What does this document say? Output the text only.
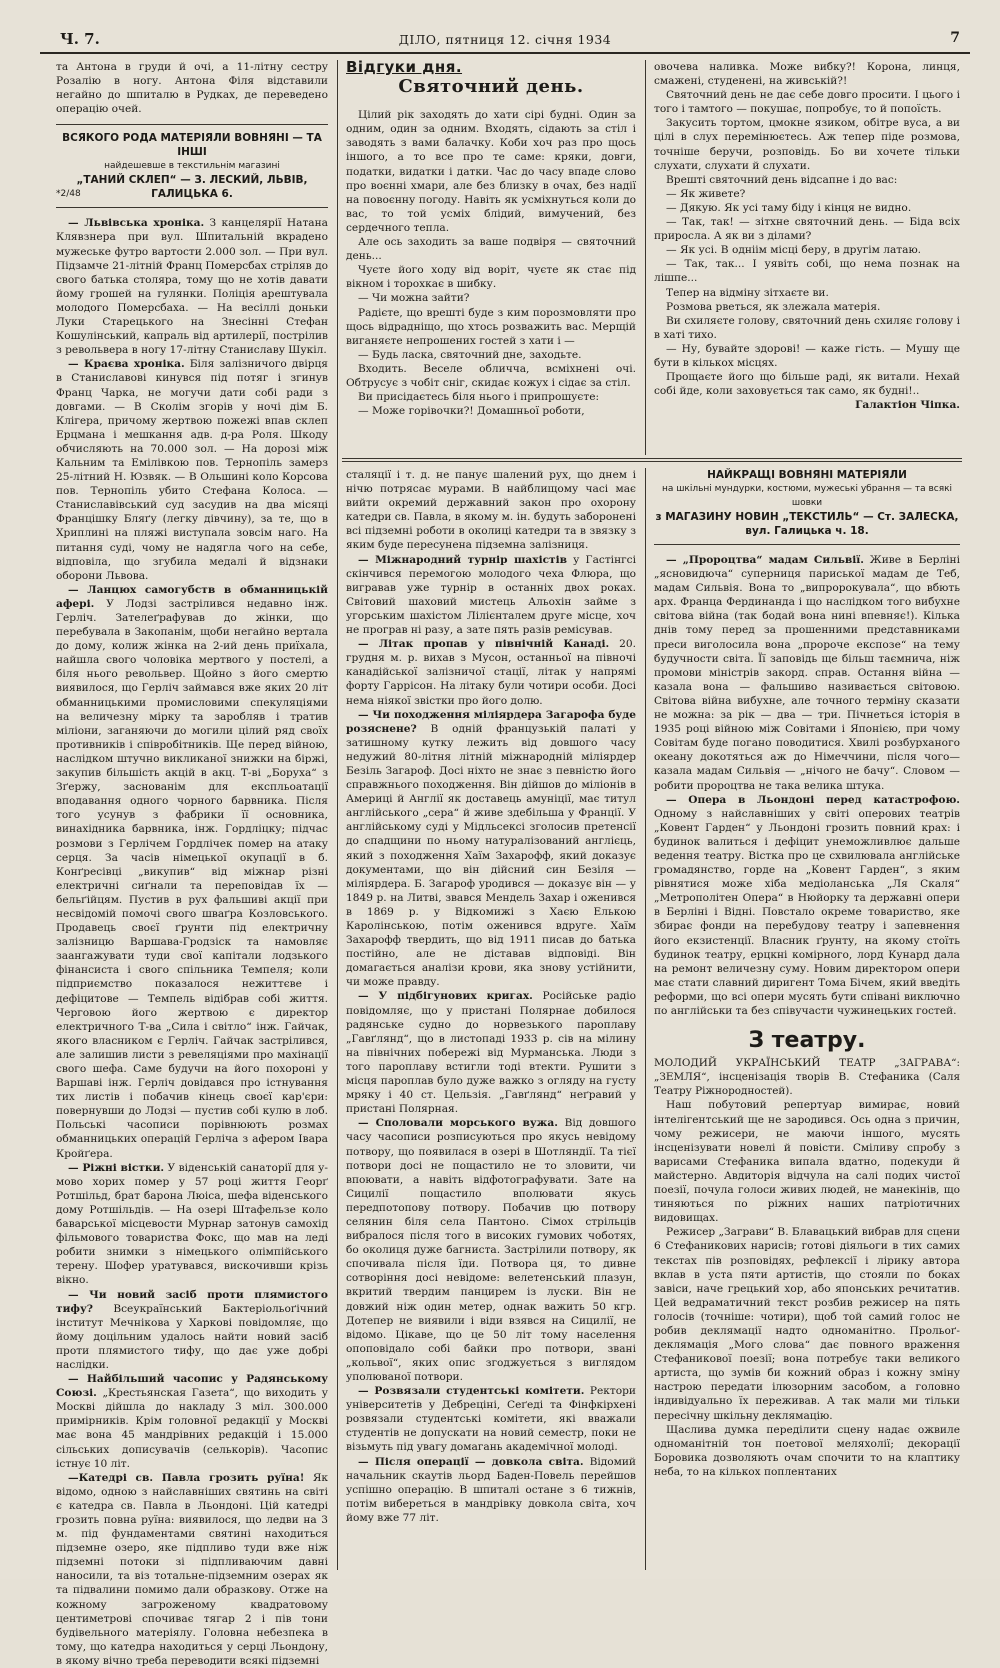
Ч. 7.	ДІЛО, пятниця 12. січня 1934	7

та Антона в груди й очі, а 11-літну сестру Розалію в ногу. Антона Філя відставили негайно до шпиталю в Рудках, де переведено операцію очей.

ВСЯКОГО РОДА МАТЕРІЯЛИ ВОВНЯНІ — ТА ІНШІ
найдешевше в текстильнім магазині
„ТАНИЙ СКЛЕП“ — З. ЛЕСКИЙ, ЛЬВІВ,
*2/48	ГАЛИЦЬКА 6.

— Львівська хроніка. З канцелярії Натана Клявзнера при вул. Шпитальній вкрадено мужеське футро вартости 2.000 зол. — При вул. Підзамче 21-літній Франц Померсбах стріляв до свого батька столяра, тому що не хотів давати йому грошей на гулянки. Поліція арештувала молодого Померсбаха. — На весіллі доньки Луки Старецького на Знесінні Стефан Кошулінський, капраль від артилерії, пострілив з револьвера в ногу 17-літну Станиславу Шукіл.

— Краєва хроніка. Біля залізничого двірця в Станиславові кинувся під потяг і згинув Франц Чарка, не могучи дати собі ради з довгами. — В Сколім згорів у ночі дім Б. Клігера, причому жертвою пожежі впав склеп Ерцмана і мешкання адв. д-ра Роля. Шкоду обчисляють на 70.000 зол. — На дорозі між Кальним та Емілівкою пов. Тернопіль замерз 25-літний Н. Юзвяк. — В Ольшині коло Корсова пов. Тернопіль убито Стефана Колоса. — Станиславівський суд засудив на два місяці Францішку Бляґу (легку дівчину), за те, що в Хриплині на пляжі виступала зовсім наго. На питання суді, чому не надягла чого на себе, відповіла, що згубила медалі й відзнаки оборони Львова.

— Ланцюх самогубств в обманницькій афері. У Лодзі застрілився недавно інж. Герліч. Зателеґрафував до жінки, що перебувала в Закопанім, щоби негайно вертала до дому, колиж жінка на 2-ий день приїхала, найшла свого чоловіка мертвого у постелі, а біля нього револьвер. Щойно з його смертю виявилося, що Герліч займався вже яких 20 літ обманницькими промисловими спекуляціями на величезну мірку та заробляв і тратив міліони, заганяючи до могили цілий ряд своїх противників і співробітників. Ще перед війною, наслідком штучно викликаної знижки на біржі, закупив більшість акцій в акц. Т-ві „Боруха“ з Зґержу, заснованім для експльоатації вподавання одного чорного барвника. Після того усунув з фабрики її основника, винахідника барвника, інж. Гордліцку; підчас розмови з Герлічем Гордлічек помер на атаку серця. За часів німецької окупації в б. Конґресівці „викупив“ від міжнар різні електричні сиґнали та переповідав їх — бельґійцям. Пустив в рух фальшиві акції при несвідомій помочі свого шваґра Козловського. Продавець своєї ґрунти під електричну залізницю Варшава-Гродзіск та намовляє заангажувати туди свої капітали лодзького фінансиста і свого спільника Темпеля; коли підприємство показалося нежиттєве і дефіцитове — Темпель відібрав собі життя. Черговою його жертвою є директор електричного Т-ва „Сила і світло“ інж. Гайчак, якого власником є Герліч. Гайчак застрілився, але залишив листи з ревеляціями про махінації свого шефа. Саме будучи на його похороні у Варшаві інж. Герліч довідався про істнування тих листів і побачив кінець своєї кар'єри: повернувши до Лодзі — пустив собі кулю в лоб. Польські часописи порівнюють розмах обманницьких операцій Герліча з афером Івара Кройґера.

— Ріжні вістки. У віденській санаторії для у-мово хорих помер у 57 році життя Георґ Ротшільд, брат барона Люіса, шефа віденського дому Ротшільдів. — На озері Штафельзе коло баварської місцевости Мурнар затонув самохід фільмового товариства Фокс, що мав на леді робити знимки з німецького олімпійського терену. Шофер уратувався, вискочивши крізь вікно.

— Чи новий засіб проти плямистого тифу? Всеукраїнський Бактеріольоґічний інститут Мечнікова у Харкові повідомляє, що йому доцільним удалось найти новий засіб проти плямистого тифу, що дає уже добрі наслідки.

— Найбільший часопис у Радянському Союзі. „Крестьянская Газета“, що виходить у Москві дійшла до накладу 3 міл. 300.000 примірників. Крім головної редакції у Москві має вона 45 мандрівних редакцій і 15.000 сільських дописувачів (селькорів). Часопис істнує 10 літ.

—Катедрі св. Павла грозить руїна! Як відомо, одною з найславніших святинь на світі є катедра св. Павла в Льондоні. Цій катедрі грозить повна руїна: виявилося, що ледви на 3 м. під фундаментами святині находиться підземне озеро, яке підпливо туди вже ніж підземні потоки зі підпливаючим давні наносили, та віз тотальне-підземним озерах як та підвалини помимо дали образкову. Отже на кожному загроженому квадратовому центиметрові спочиває тягар 2 і пів тони будівельного матеріялу. Головна небезпека в тому, що катедра находиться у серці Льондону, в якому вічно треба переводити всякі підземні

Відгуки дня.
Святочний день.

Цілий рік заходять до хати сірі будні. Один за одним, один за одним. Входять, сідають за стіл і заводять з вами балачку. Коби хоч раз про щось іншого, а то все про те саме: кряки, довги, податки, видатки і датки. Час до часу впаде слово про воєнні хмари, але без близку в очах, без надії на повоєнну погоду. Навіть як усміхнуться коли до вас, то той усміх блідий, вимучений, без сердечного тепла.

Але ось заходить за ваше подвіря — святочний день...

Чуєте його ходу від воріт, чуєте як стає під вікном і торохкає в шибку.

— Чи можна зайти?

Радієте, що врешті буде з ким порозмовляти про щось відрадніщо, що хтось розважить вас. Мерщій виганяєте непрошених гостей з хати і —

— Будь ласка, святочний дне, заходьте.

Входить. Веселе обличча, всміхнені очі. Обтрусує з чобіт сніг, скидає кожух і сідає за стіл.

Ви присідаєтесь біля нього і припрошуєте:

— Може горівочки?! Домашньої роботи,

овочева наливка. Може вибку?! Корона, линця, смажені, студенені, на живській?!

Святочний день не дає себе довго просити. І цього і того і тамтого — покушає, попробує, то й попоїсть.

Закусить тортом, цмокне язиком, обітре вуса, а ви цілі в слух перемінюєтесь. Аж тепер піде розмова, точніше беручи, розповідь. Бо ви хочете тільки слухати, слухати й слухати.

Врешті святочний день відсапне і до вас:

— Як живете?

— Дякую. Як усі таму біду і кінця не видно.

— Так, так! — зітхне святочний день. — Біда всіх приросла. А як ви з ділами?

— Як усі. В одніім місці беру, в другім латаю.

— Так, так... І уявіть собі, що нема познак на лішпе...

Тепер на відміну зітхаєте ви.

Розмова рветься, як злежала матерія.

Ви схиляєте голову, святочний день схиляє голову і в хаті тихо.

— Ну, бувайте здорові! — каже гість. — Мушу ще бути в кількох місцях.

Прощаєте його що більше раді, як витали. Нехай собі йде, коли заховується так само, як будні!..

Галактіон Чіпка.

сталяції і т. д. не панує шалений рух, що днем і нічю потрясає мурами. В найблищому часі має вийти окремий державний закон про охорону катедри св. Павла, в якому м. ін. будуть заборонені всі підземні роботи в околиці катедри та в звязку з яким буде пересунена підземна залізниця.

— Міжнародний турнір шахістів у Гастінгсі скінчився перемогою молодого чеха Флюра, що вигравав уже турнір в останніх двох роках. Світовий шаховий мистець Альохін займе з угорським шахістом Лілієнталем друге місце, хоч не програв ні разу, а зате пять разів ремісував.

— Літак пропав у північній Канаді. 20. грудня м. р. вихав з Мусон, останньої на півночі канадійської залізничої стації, літак у напрямі форту Гаррісон. На літаку були чотири особи. Досі нема ніякої звістки про його долю.

— Чи походження міліярдера Загарофа буде розяснене? В одній французькій палаті у затишному кутку лежить від довшого часу недужий 80-літня літній міжнародній міліярдер Безіль Загароф. Досі ніхто не знає з певністю його справжнього походження. Він дійшов до міліонів в Америці й Англії як доставець амуніції, має титул англійського „сера“ й живе здебільша у Франції. У англійському суді у Мідльсексі зголосив претенсії до спадщини по ньому натуралізований англієць, який з походження Хаїм Захарофф, який доказує документами, що він дійсний син Безіля — міліярдера. Б. Загароф уродився — доказує він — у 1849 р. на Литві, звався Мендель Захар і оженився в 1869 р. у Відкомижі з Хаєю Елькою Каролінською, потім оженився вдруге. Хаїм Захарофф твердить, що від 1911 писав до батька постійно, але не діставав відповіді. Він домагається аналізи крови, яка знову устійнити, чи може правду.

— У підбігунових кригах. Російське радіо повідомляє, що у пристані Полярнае добилося радянське судно до норвезького пароплаву „Гавґлянд“, що в листопаді 1933 р. сів на мілину на північних побережі від Мурманська. Люди з того пароплаву встигли тоді втекти. Рушити з місця пароплав було дуже важко з огляду на густу мряку і 40 ст. Цельзія. „Гавґлянд“ неґравий у пристані Полярная.

— Споловали морського вужа. Від довшого часу часописи розписуються про якусь невідому потвору, що появилася в озері в Шотляндії. Та тієї потвори досі не пощастило не то зловити, чи впоювати, а навіть відфотографувати. Зате на Сицилії пощастило вполювати якусь передпотопову потвору. Побачив цю потвору селянин біля села Пантоно. Сімох стрільців вибралося після того в високих гумових чоботях, бо околиця дуже багниста. Застрілили потвору, як спочивала після їди. Потвора ця, то дивне сотворіння досі невідоме: велетенський плазун, вкритий твердим панцирем із луски. Він не довжий ніж один метер, однак важить 50 кгр. Дотепер не виявили і віди взявся на Сицилії, не відомо. Цікаве, що це 50 літ тому населення опоповідало собі байки про потвори, звані „кольвої“, яких опис згоджується з виглядом уполюваної потвори.

— Розвязали студентські комітети. Ректори університетів у Дебреціні, Сеґеді та Фінфкірхені розвязали студентські комітети, які вважали студентів не допускати на новий семестр, поки не візьмуть під увагу домагань академічної молоді.

— Після операції — довкола світа. Відомий начальник скаутів льорд Баден-Повель перейшов успішно операцію. В шпиталі остане з 6 тижнів, потім вибереться в мандрівку довкола світа, хоч йому вже 77 літ.

НАЙКРАЩІ ВОВНЯНІ МАТЕРІЯЛИ
на шкільні мундурки, костюми, мужеські убрання — та всякі шовки
з МАГАЗИНУ НОВИН „ТЕКСТИЛЬ“ — Ст. ЗАЛЕСКА,
вул. Галицька ч. 18.

— „Пророцтва“ мадам Сильвії. Живе в Берліні „ясновидюча“ суперниця париської мадам де Теб, мадам Сильвія. Вона то „випророкувала“, що вбють арх. Франца Фердинанда і що наслідком того вибухне світова війна (так бодай вона нині впевняє!). Кілька днів тому перед за прошенними представниками преси виголосила вона „пророче експозе“ на тему будучности світа. Її заповідь ще більш таємнича, ніж промови міністрів закорд. справ. Остання війна — казала вона — фальшиво називається світовою. Світова війна вибухне, але точного терміну сказати не можна: за рік — два — три. Пічнеться історія в 1935 році війною між Совітами і Японією, при чому Совітам буде погано поводитися. Хвилі розбурханого океану докотяться аж до Німеччини, після чого— казала мадам Сильвія — „нічого не бачу“. Словом — робити пророцтва не така велика штука.

— Опера в Льондоні перед катастрофою. Одному з найславніших у світі оперових театрів „Ковент Гарден“ у Льондоні грозить повний крах: і будинок валиться і дефіцит унеможливлює дальше ведення театру. Вістка про це схвилювала англійське громадянство, горде на „Ковент Гарден“, з яким рівнятися може хіба медіоланська „Ля Скаля“ „Метрополітен Опера“ в Нюйорку та державні опери в Берліні і Відні. Повстало окреме товариство, яке збирає фонди на перебудову театру і запевнення його екзистенції. Власник ґрунту, на якому стоїть будинок театру, ерцкні комірного, лорд Кунард дала на ремонт величезну суму. Новим директором опери має стати славний диригент Тома Бічем, який введіть реформи, що всі опери мусять бути співані виключно по англійськи та без співучасти чужинецьких гостей.

З театру.

МОЛОДИЙ УКРАЇНСЬКИЙ ТЕАТР „ЗАГРАВА“: „ЗЕМЛЯ“, інсценізація творів В. Стефаника (Саля Театру Ріжнородностей).

Наш побутовий репертуар вимирає, новий інтелігентський ще не зародився. Ось одна з причин, чому режисери, не маючи іншого, мусять інсценізувати новелі й повісти. Сміливу спробу з варисами Стефаника випала вдатно, подекуди й майстерно. Авдиторія відчула на салі подих чистої поезії, почула голоси живих людей, не манекінів, що тиняються по ріжних наших патріотичних видовищах.

Режисер „Заграви“ В. Блавацький вибрав для сцени 6 Стефаникових нарисів; готові діяльоги в тих самих текстах пів розповідях, рефлексії і лірику автора вклав в уста пяти артистів, що стояли по боках завіси, наче грецький хор, або японських речитатив. Цей ведраматичний текст розбив режисер на пять голосів (точніше: чотири), щоб той самий голос не робив деклямації надто одноманітно. Прольоґ-деклямація „Мого слова“ дає повного враження Стефаникової поезії; вона потребує таки великого артиста, що зумів би кожний образ і кожну зміну настрою передати ілюзорним засобом, а головно індивідуально їх переживав. А так мали ми тільки пересічну шкільну деклямацію.

Щаслива думка переділити сцену надає ожвиле одноманітній тон поетової меляхолії; декорації Боровика дозволяють очам спочити то на клаптику неба, то на кількох поплентаних
